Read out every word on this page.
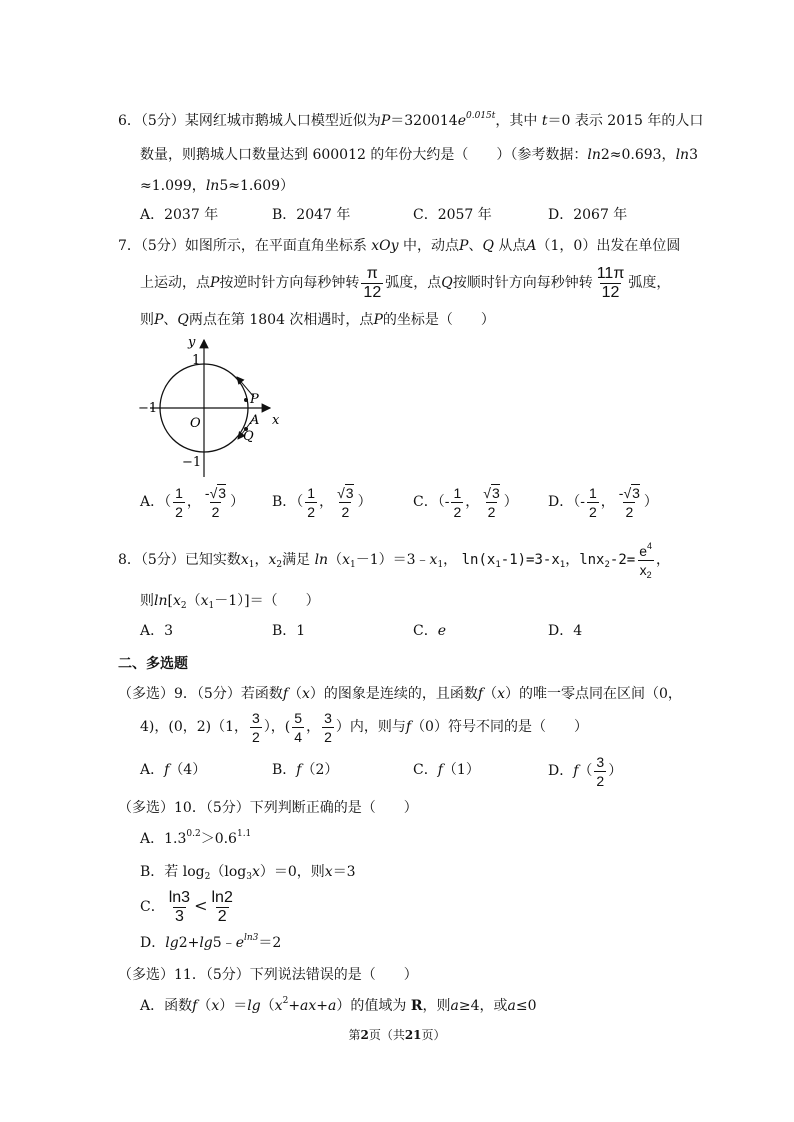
6．（5分）某网红城市鹅城人口模型近似为$P=320014e^{0.015t}$，其中 t＝0 表示 2015 年的人口
数量，则鹅城人口数量达到 600012 的年份大约是（　　）（参考数据：ln2≈0.693，ln3
≈1.099，ln5≈1.609）
A．2037 年	B．2047 年	C．2057 年	D．2067 年
7．（5分）如图所示，在平面直角坐标系 xOy 中，动点P、Q 从点A（1，0）出发在单位圆
上运动，点P按逆时针方向每秒钟转 $\frac{\pi}{12}$ 弧度，点Q按顺时针方向每秒钟转 $\frac{11\pi}{12}$ 弧度，
则P、Q两点在第 1804 次相遇时，点P的坐标是（　　）
y
1
−1
O	A
P
Q
x
−1
A．（ $\frac{1}{2}$ ， $\frac{-√3}{2}$ ） B．（ $\frac{1}{2}$ ， $\frac{√3}{2}$ ）	C．（- $\frac{1}{2}$ ， $\frac{√3}{2}$ ） D．（- $\frac{1}{2}$ ， $\frac{-√3}{2}$ ）
8．（5分）已知实数$x_1$，$x_2$满足 $\ln(x_1-1)=3﹣x_1$， $\ln(x_1-1)=3-x_1$，$\ln x_2-2= \frac{e^4}{x_2}$ ，
则$\ln[x_2(x_1-1)]=$（　　）
A．3	B．1	C．e	D．4
二、多选题
（多选）9．（5分）若函数f（x）的图象是连续的，且函数f（x）的唯一零点同在区间（0，
4)，(0，2)（1， $\frac{3}{2}$ ），( $\frac{5}{4}$ ， $\frac{3}{2}$ ）内，则与f（0）符号不同的是（　　）
A．f（4）	B．f（2）	C．f（1）	D．$f( \frac{3}{2}$ ）
（多选）10．（5分）下列判断正确的是（　　）
A．$1.3^{0.2}>0.6^{1.1}$
B．若 $\log_2(\log_3x)=0$，则x＝3
C． $\frac{\ln 3}{3} < \frac{\ln 2}{2}$
D．$\lg 2+\lg 5﹣e^{ln3}=2$
（多选）11．（5分）下列说法错误的是（　　）
A．函数$f(x)=\lg(x^2+ax+a)$的值域为 R，则a≥4，或a≤0
第2页（共21页）
